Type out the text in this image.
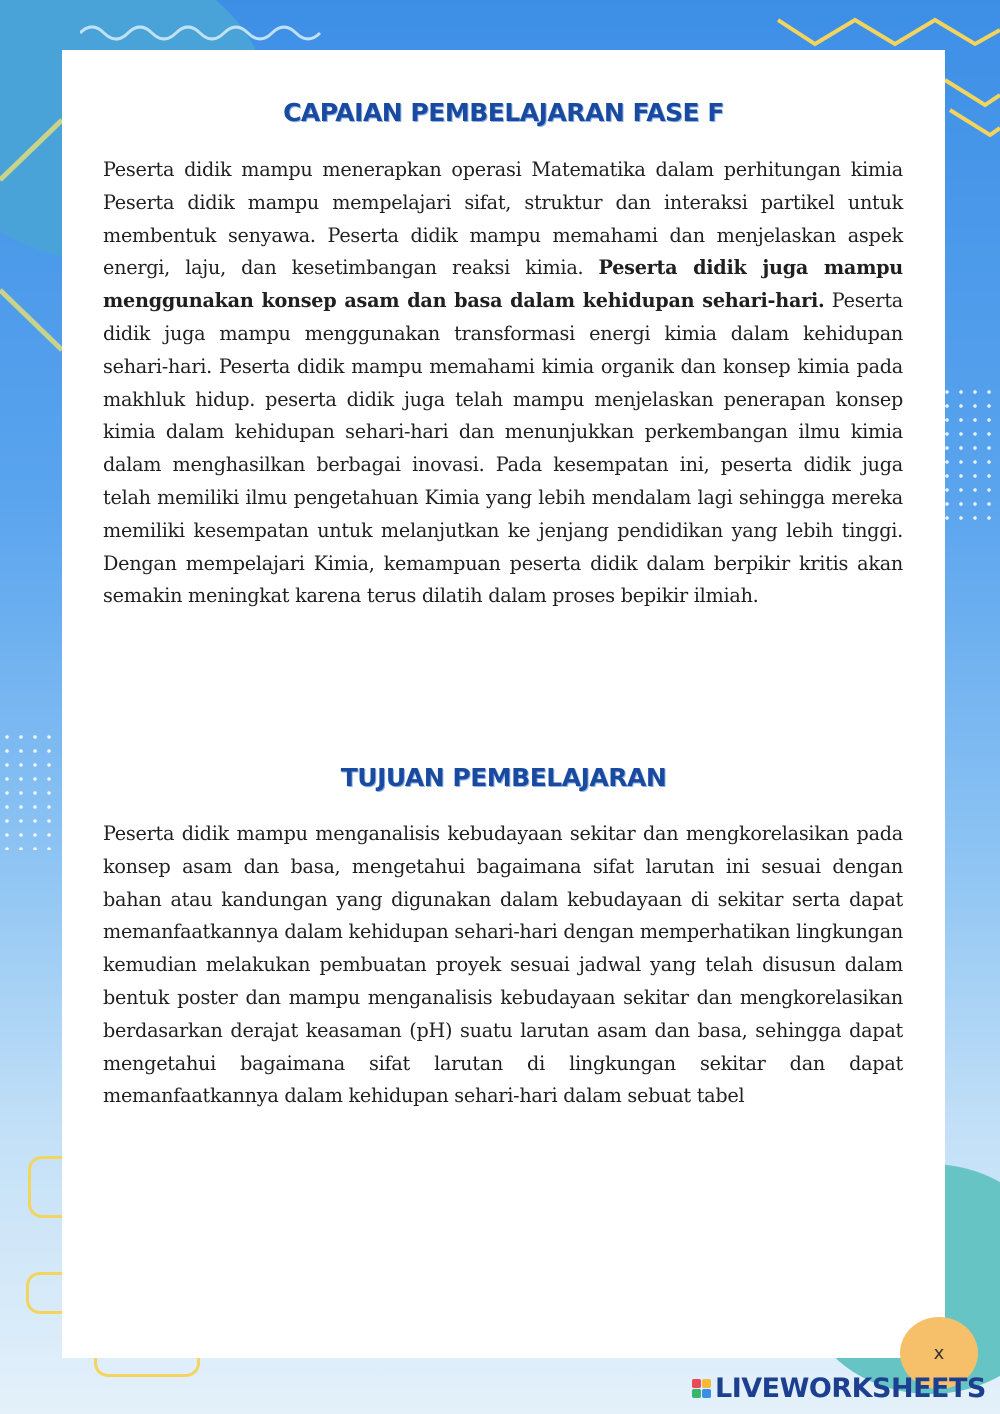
CAPAIAN PEMBELAJARAN FASE F

Peserta didik mampu menerapkan operasi Matematika dalam perhitungan kimia Peserta didik mampu mempelajari sifat, struktur dan interaksi partikel untuk membentuk senyawa. Peserta didik mampu memahami dan menjelaskan aspek energi, laju, dan kesetimbangan reaksi kimia. Peserta didik juga mampu menggunakan konsep asam dan basa dalam kehidupan sehari-hari. Peserta didik juga mampu menggunakan transformasi energi kimia dalam kehidupan sehari-hari. Peserta didik mampu memahami kimia organik dan konsep kimia pada makhluk hidup. peserta didik juga telah mampu menjelaskan penerapan konsep kimia dalam kehidupan sehari-hari dan menunjukkan perkembangan ilmu kimia dalam menghasilkan berbagai inovasi. Pada kesempatan ini, peserta didik juga telah memiliki ilmu pengetahuan Kimia yang lebih mendalam lagi sehingga mereka memiliki kesempatan untuk melanjutkan ke jenjang pendidikan yang lebih tinggi. Dengan mempelajari Kimia, kemampuan peserta didik dalam berpikir kritis akan semakin meningkat karena terus dilatih dalam proses bepikir ilmiah.

TUJUAN PEMBELAJARAN

Peserta didik mampu menganalisis kebudayaan sekitar dan mengkorelasikan pada konsep asam dan basa, mengetahui bagaimana sifat larutan ini sesuai dengan bahan atau kandungan yang digunakan dalam kebudayaan di sekitar serta dapat memanfaatkannya dalam kehidupan sehari-hari dengan memperhatikan lingkungan kemudian melakukan pembuatan proyek sesuai jadwal yang telah disusun dalam bentuk poster dan mampu menganalisis kebudayaan sekitar dan mengkorelasikan berdasarkan derajat keasaman (pH) suatu larutan asam dan basa, sehingga dapat mengetahui bagaimana sifat larutan di lingkungan sekitar dan dapat memanfaatkannya dalam kehidupan sehari-hari dalam sebuat tabel

x
LIVEWORKSHEETS
